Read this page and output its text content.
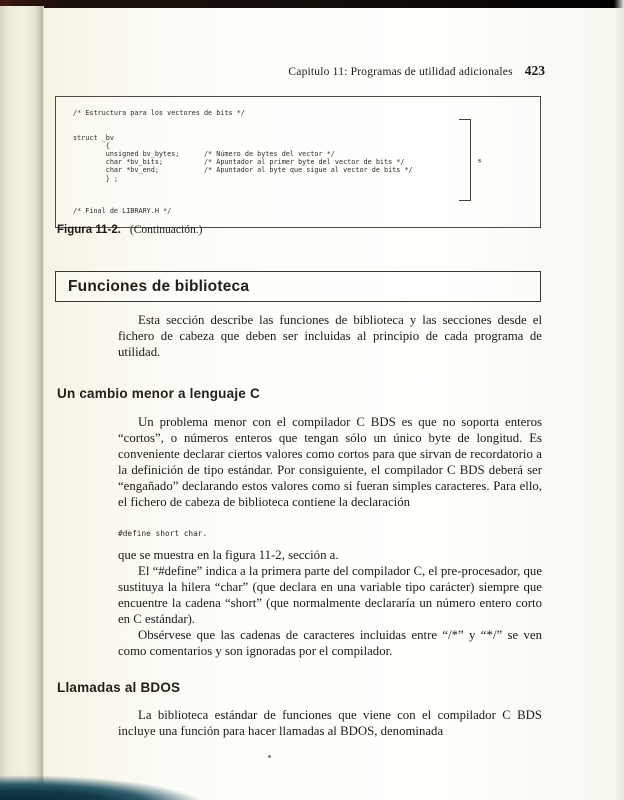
Capitulo 11: Programas de utilidad adicionales 423
/* Estructura para los vectores de bits */
struct _bv
{
unsigned bv_bytes;      /* Número de bytes del vector */
char *bv_bits;          /* Apuntador al primer byte del vector de bits */
char *bv_end;           /* Apuntador al byte que sigue al vector de bits */
} ;
/* Final de LIBRARY.H */
s
Figura 11-2. (Continuación.)
Funciones de biblioteca

Esta sección describe las funciones de biblioteca y las secciones desde el fichero de cabeza que deben ser incluidas al principio de cada programa de utilidad.

Un cambio menor a lenguaje C

Un problema menor con el compilador C BDS es que no soporta enteros “cortos”, o números enteros que tengan sólo un único byte de longitud. Es conveniente declarar ciertos valores como cortos para que sirvan de recordatorio a la definición de tipo estándar. Por consiguiente, el compilador C BDS deberá ser “engañado” declarando estos valores como si fueran simples caracteres. Para ello, el fichero de cabeza de biblioteca contiene la declaración

#define short char.

que se muestra en la figura 11-2, sección a.

El “#define” indica a la primera parte del compilador C, el pre-procesador, que sustituya la hilera “char” (que declara en una variable tipo carácter) siempre que encuentre la cadena “short” (que normalmente declararía un número entero corto en C estándar).

Obsérvese que las cadenas de caracteres incluidas entre “/*” y “*/” se ven como comentarios y son ignoradas por el compilador.

Llamadas al BDOS

La biblioteca estándar de funciones que viene con el compilador C BDS incluye una función para hacer llamadas al BDOS, denominada
